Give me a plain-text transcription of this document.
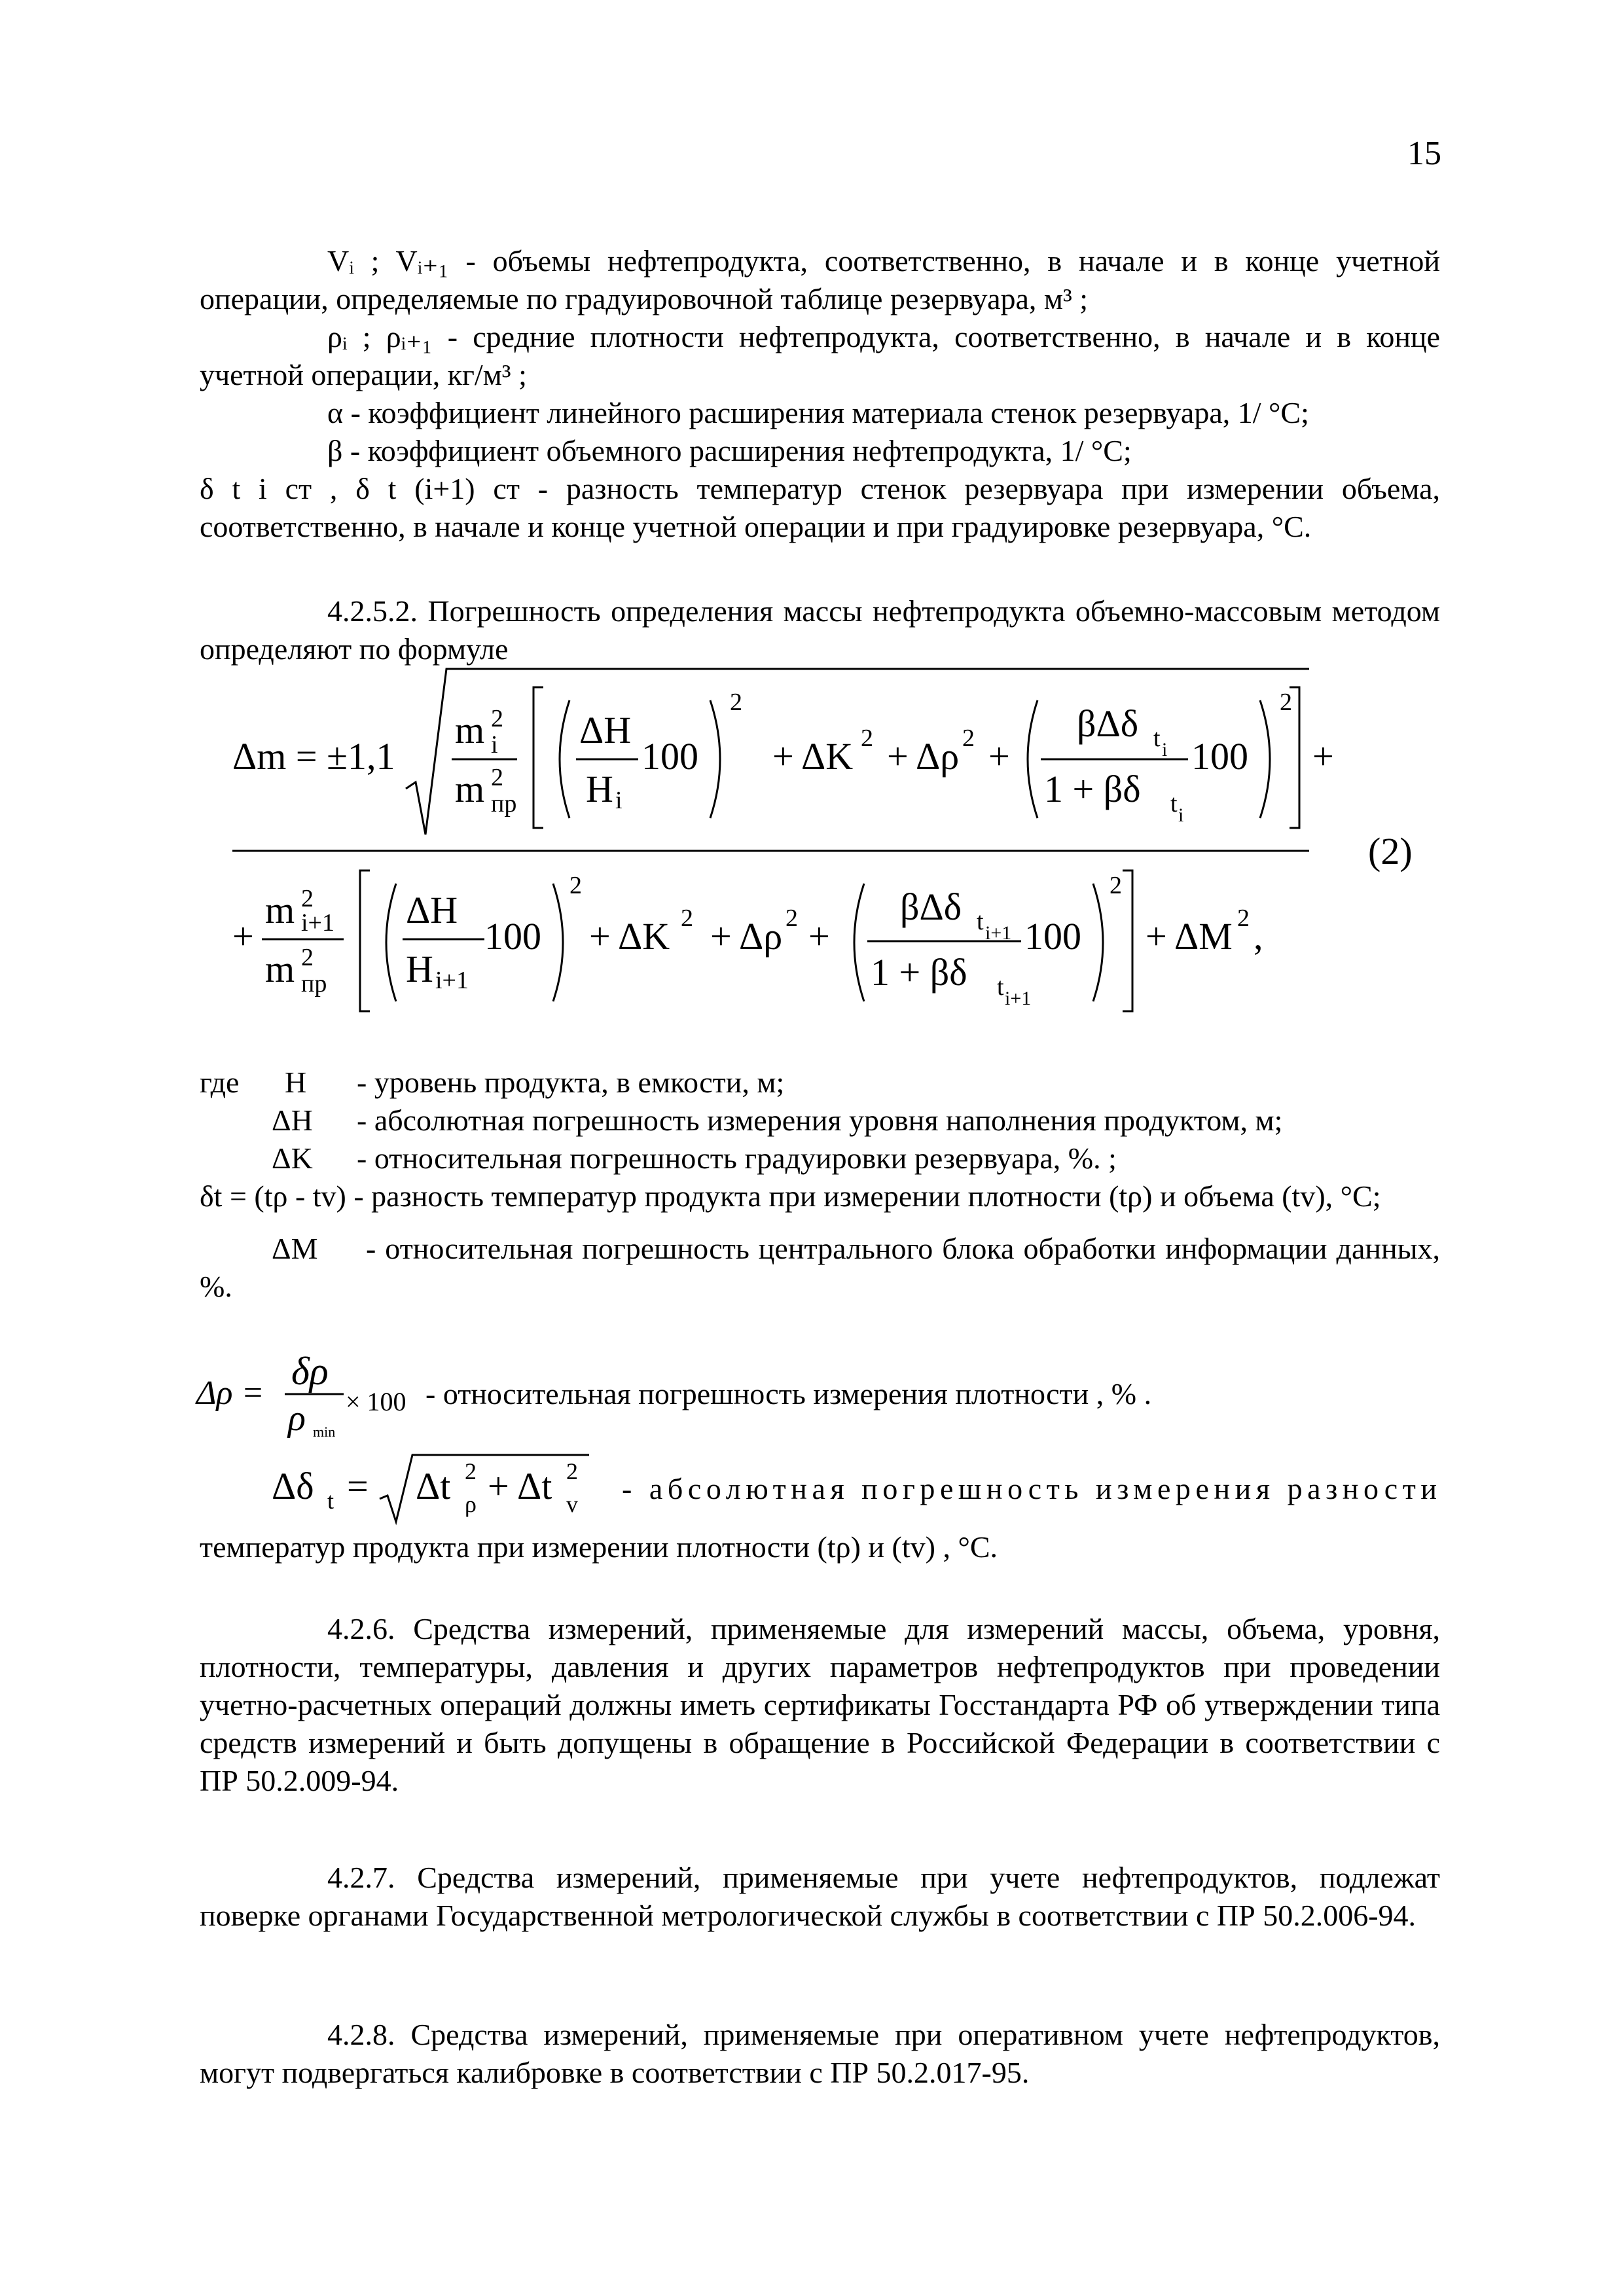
15

Vᵢ ; Vᵢ₊₁ - объемы нефтепродукта, соответственно, в начале и в конце учетной операции, определяемые по градуировочной таблице резервуара, м³ ;

ρᵢ ; ρᵢ₊₁ - средние плотности нефтепродукта, соответственно, в начале и в конце учетной операции, кг/м³ ;

α - коэффициент линейного расширения материала стенок резервуара, 1/ °С;

β - коэффициент объемного расширения нефтепродукта, 1/ °С;

δ t i ст , δ t (i+1) ст - разность температур стенок резервуара при измерении объема, соответственно, в начале и конце учетной операции и при градуировке резервуара, °С.

4.2.5.2. Погрешность определения массы нефтепродукта объемно-массовым методом определяют по формуле

Δm = ±1,1
m 2
i
m 2
пр
ΔH
H i
100
2
+ ΔK 2 + Δρ 2 +
βΔδ t i
1 + βδ t i
100
2
+
(2)
+
m 2
i+1
m 2
пр
ΔH
H i+1
100
2
+ ΔK 2 + Δρ 2 +
βΔδ t i+1
1 + βδ t i+1
100
2
+ ΔM 2 ,

где H - уровень продукта, в емкости, м;

ΔH - абсолютная погрешность измерения уровня наполнения продуктом, м;

ΔK - относительная погрешность градуировки резервуара, %. ;

δt = (tρ - tv) - разность температур продукта при измерении плотности (tρ) и объема (tv), °С;

ΔM - относительная погрешность центрального блока обработки информации данных, %.

Δρ =
δρ
ρ min
× 100 - относительная погрешность измерения плотности , % .
Δδ t = Δt 2
ρ + Δt 2
v - абсолютная погрешность измерения разности

температур продукта при измерении плотности (tρ) и (tv) , °С.

4.2.6. Средства измерений, применяемые для измерений массы, объема, уровня, плотности, температуры, давления и других параметров нефтепродуктов при проведении учетно-расчетных операций должны иметь сертификаты Госстандарта РФ об утверждении типа средств измерений и быть допущены в обращение в Российской Федерации в соответствии с ПР 50.2.009-94.

4.2.7. Средства измерений, применяемые при учете нефтепродуктов, подлежат поверке органами Государственной метрологической службы в соответствии с ПР 50.2.006-94.

4.2.8. Средства измерений, применяемые при оперативном учете нефтепродуктов, могут подвергаться калибровке в соответствии с ПР 50.2.017-95.
